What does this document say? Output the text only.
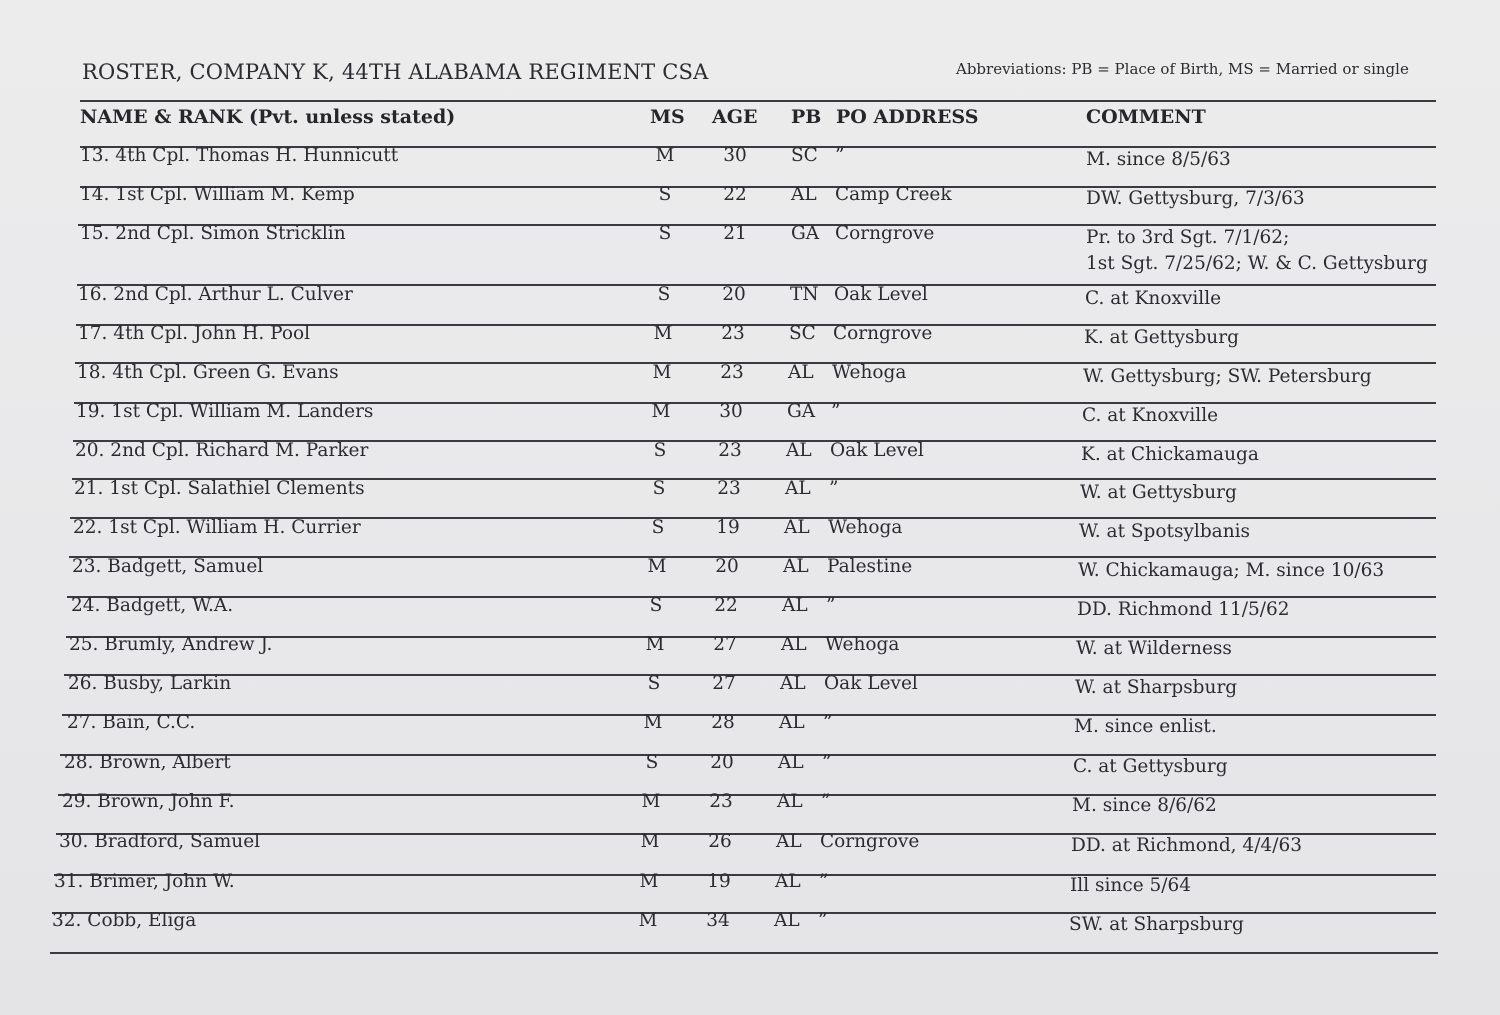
ROSTER, COMPANY K, 44TH ALABAMA REGIMENT CSA	Abbreviations: PB = Place of Birth, MS = Married or single
NAME & RANK (Pvt. unless stated)	MS AGE PB PO ADDRESS	COMMENT
13. 4th Cpl. Thomas H. Hunnicutt	M	30	SC ”	M. since 8/5/63
14. 1st Cpl. William M. Kemp	S	22	AL Camp Creek	DW. Gettysburg, 7/3/63
15. 2nd Cpl. Simon Stricklin	S	21	GA Corngrove	Pr. to 3rd Sgt. 7/1/62;
1st Sgt. 7/25/62; W. & C. Gettysburg
16. 2nd Cpl. Arthur L. Culver	S	20	TN Oak Level	C. at Knoxville
17. 4th Cpl. John H. Pool	M	23	SC Corngrove	K. at Gettysburg
18. 4th Cpl. Green G. Evans	M	23	AL Wehoga	W. Gettysburg; SW. Petersburg
19. 1st Cpl. William M. Landers	M	30	GA ”	C. at Knoxville
20. 2nd Cpl. Richard M. Parker	S	23	AL Oak Level	K. at Chickamauga
21. 1st Cpl. Salathiel Clements	S	23	AL ”	W. at Gettysburg
22. 1st Cpl. William H. Currier	S	19	AL Wehoga	W. at Spotsylbanis
23. Badgett, Samuel	M	20	AL Palestine	W. Chickamauga; M. since 10/63
24. Badgett, W.A.	S	22	AL ”	DD. Richmond 11/5/62
25. Brumly, Andrew J.	M	27	AL Wehoga	W. at Wilderness
26. Busby, Larkin	S	27	AL Oak Level	W. at Sharpsburg
27. Bain, C.C.	M	28	AL ”	M. since enlist.
28. Brown, Albert	S	20	AL ”	C. at Gettysburg
29. Brown, John F.	M	23	AL ”	M. since 8/6/62
30. Bradford, Samuel	M	26	AL Corngrove	DD. at Richmond, 4/4/63
31. Brimer, John W.	M	19	AL ”	Ill since 5/64
32. Cobb, Eliga	M	34	AL ”	SW. at Sharpsburg
